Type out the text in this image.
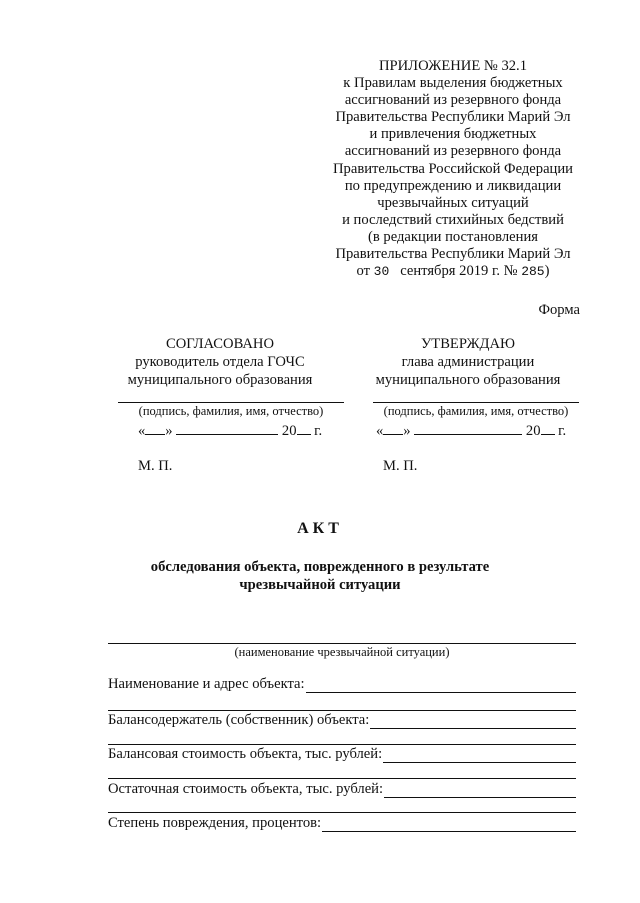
ПРИЛОЖЕНИЕ № 32.1
к Правилам выделения бюджетных
ассигнований из резервного фонда
Правительства Республики Марий Эл
и привлечения бюджетных
ассигнований из резервного фонда
Правительства Российской Федерации
по предупреждению и ликвидации
чрезвычайных ситуаций
и последствий стихийных бедствий
(в редакции постановления
Правительства Республики Марий Эл
от 30 сентября 2019 г. № 285)
Форма
СОГЛАСОВАНО
руководитель отдела ГОЧС
муниципального образования
(подпись, фамилия, имя, отчество)
« »	20 г.
М. П.
УТВЕРЖДАЮ
глава администрации
муниципального образования
(подпись, фамилия, имя, отчество)
« »	20 г.
М. П.
АКТ
обследования объекта, поврежденного в результате
чрезвычайной ситуации
(наименование чрезвычайной ситуации)
Наименование и адрес объекта:
Балансодержатель (собственник) объекта:
Балансовая стоимость объекта, тыс. рублей:
Остаточная стоимость объекта, тыс. рублей:
Степень повреждения, процентов:
